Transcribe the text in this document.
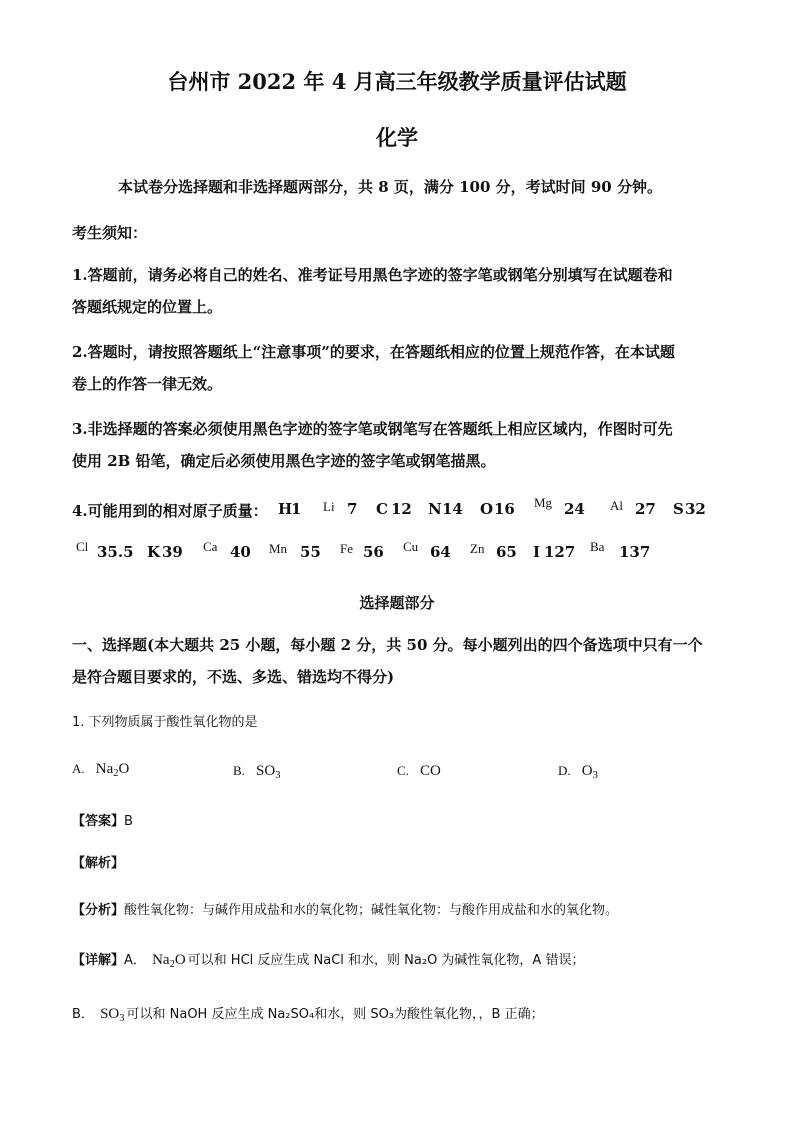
台州市 2022 年 4 月高三年级教学质量评估试题
化学
本试卷分选择题和非选择题两部分，共 8 页，满分 100 分，考试时间 90 分钟。
考生须知：
1.答题前，请务必将自己的姓名、准考证号用黑色字迹的签字笔或钢笔分别填写在试题卷和
答题纸规定的位置上。
2.答题时，请按照答题纸上“注意事项”的要求，在答题纸相应的位置上规范作答，在本试题
卷上的作答一律无效。
3.非选择题的答案必须使用黑色字迹的签字笔或钢笔写在答题纸上相应区域内，作图时可先
使用 2B 铅笔，确定后必须使用黑色字迹的签字笔或钢笔描黑。
4.可能用到的相对原子质量： H
1 Li 7 C 12 N 14 O 16 Mg 24 Al 27 S 32
Cl 35.5 K 39 Ca 40 Mn 55 Fe 56 Cu 64 Zn 65 I 127 Ba 137
选择题部分
一、选择题(本大题共 25 小题，每小题 2 分，共 50 分。每小题列出的四个备选项中只有一个
是符合题目要求的，不选、多选、错选均不得分)
1. 下列物质属于酸性氧化物的是
A. $Na_2O$	B. $SO_3$	C. CO	D. $O_3$
【答案】B
【解析】
【分析】酸性氧化物：与碱作用成盐和水的氧化物；碱性氧化物：与酸作用成盐和水的氧化物。
【详解】A． $Na_2O$ 可以和 HCl 反应生成 NaCl 和水，则 Na₂O 为碱性氧化物，A 错误；
B． $SO_3$ 可以和 NaOH 反应生成 Na₂SO₄和水，则 SO₃为酸性氧化物，，B 正确；
